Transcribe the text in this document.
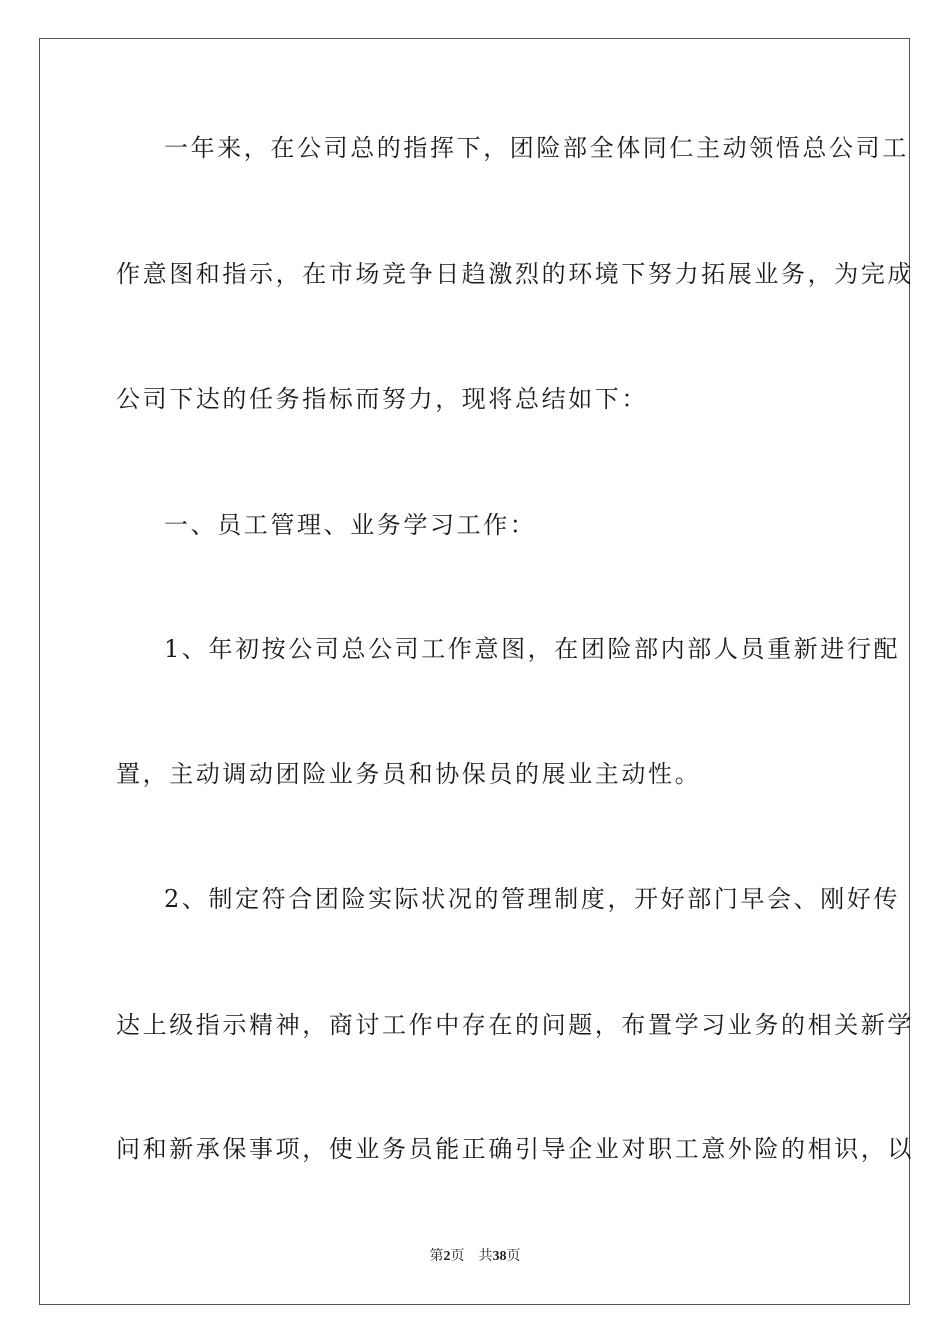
一年来，在公司总的指挥下，团险部全体同仁主动领悟总公司工
作意图和指示，在市场竞争日趋激烈的环境下努力拓展业务，为完成
公司下达的任务指标而努力，现将总结如下：
一、员工管理、业务学习工作：
1、年初按公司总公司工作意图，在团险部内部人员重新进行配
置，主动调动团险业务员和协保员的展业主动性。
2、制定符合团险实际状况的管理制度，开好部门早会、刚好传
达上级指示精神，商讨工作中存在的问题，布置学习业务的相关新学
问和新承保事项，使业务员能正确引导企业对职工意外险的相识，以
第2页 共38页
